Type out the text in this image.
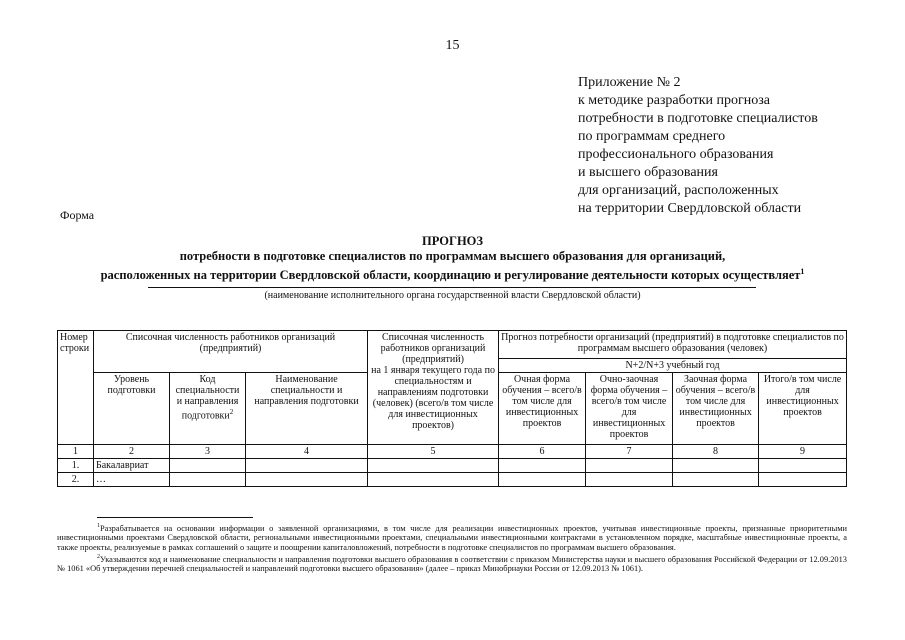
15
Приложение № 2
к методике разработки прогноза
потребности в подготовке специалистов
по программам среднего
профессионального образования
и высшего образования
для организаций, расположенных
на территории Свердловской области
Форма
ПРОГНОЗ
потребности в подготовке специалистов по программам высшего образования для организаций,
расположенных на территории Свердловской области, координацию и регулирование деятельности которых осуществляет$^1$
(наименование исполнительного органа государственной власти Свердловской области)
Номер строки	Списочная численность работников организаций (предприятий)			Списочная численность работников организаций (предприятий)
на 1 января текущего года по специальностям и направлениям подготовки (человек) (всего/в том числе для инвестиционных проектов)	Прогноз потребности организаций (предприятий) в подготовке специалистов по программам высшего образования (человек)			
					N+2/N+3 учебный год			
	Уровень подготовки	Код специальности и направления подготовки$^2$	Наименование специальности и направления подготовки		Очная форма обучения – всего/в том числе для инвестиционных проектов	Очно-заочная форма обучения – всего/в том числе для инвестиционных проектов	Заочная форма обучения – всего/в том числе для инвестиционных проектов	Итого/в том числе для инвестиционных проектов
1	2	3	4	5	6	7	8	9
1.	Бакалавриат							
2.	…							

$^1$Разрабатывается на основании информации о заявленной организациями, в том числе для реализации инвестиционных проектов, учитывая инвестиционные проекты, признанные приоритетными инвестиционными проектами Свердловской области, региональными инвестиционными проектами, специальными инвестиционными контрактами в установленном порядке, масштабные инвестиционные проекты, а также проекты, реализуемые в рамках соглашений о защите и поощрении капиталовложений, потребности в подготовке специалистов по программам высшего образования.

$^2$Указываются код и наименование специальности и направления подготовки высшего образования в соответствии с приказом Министерства науки и высшего образования Российской Федерации от 12.09.2013 № 1061 «Об утверждении перечней специальностей и направлений подготовки высшего образования» (далее – приказ Минобрнауки России от 12.09.2013 № 1061).
